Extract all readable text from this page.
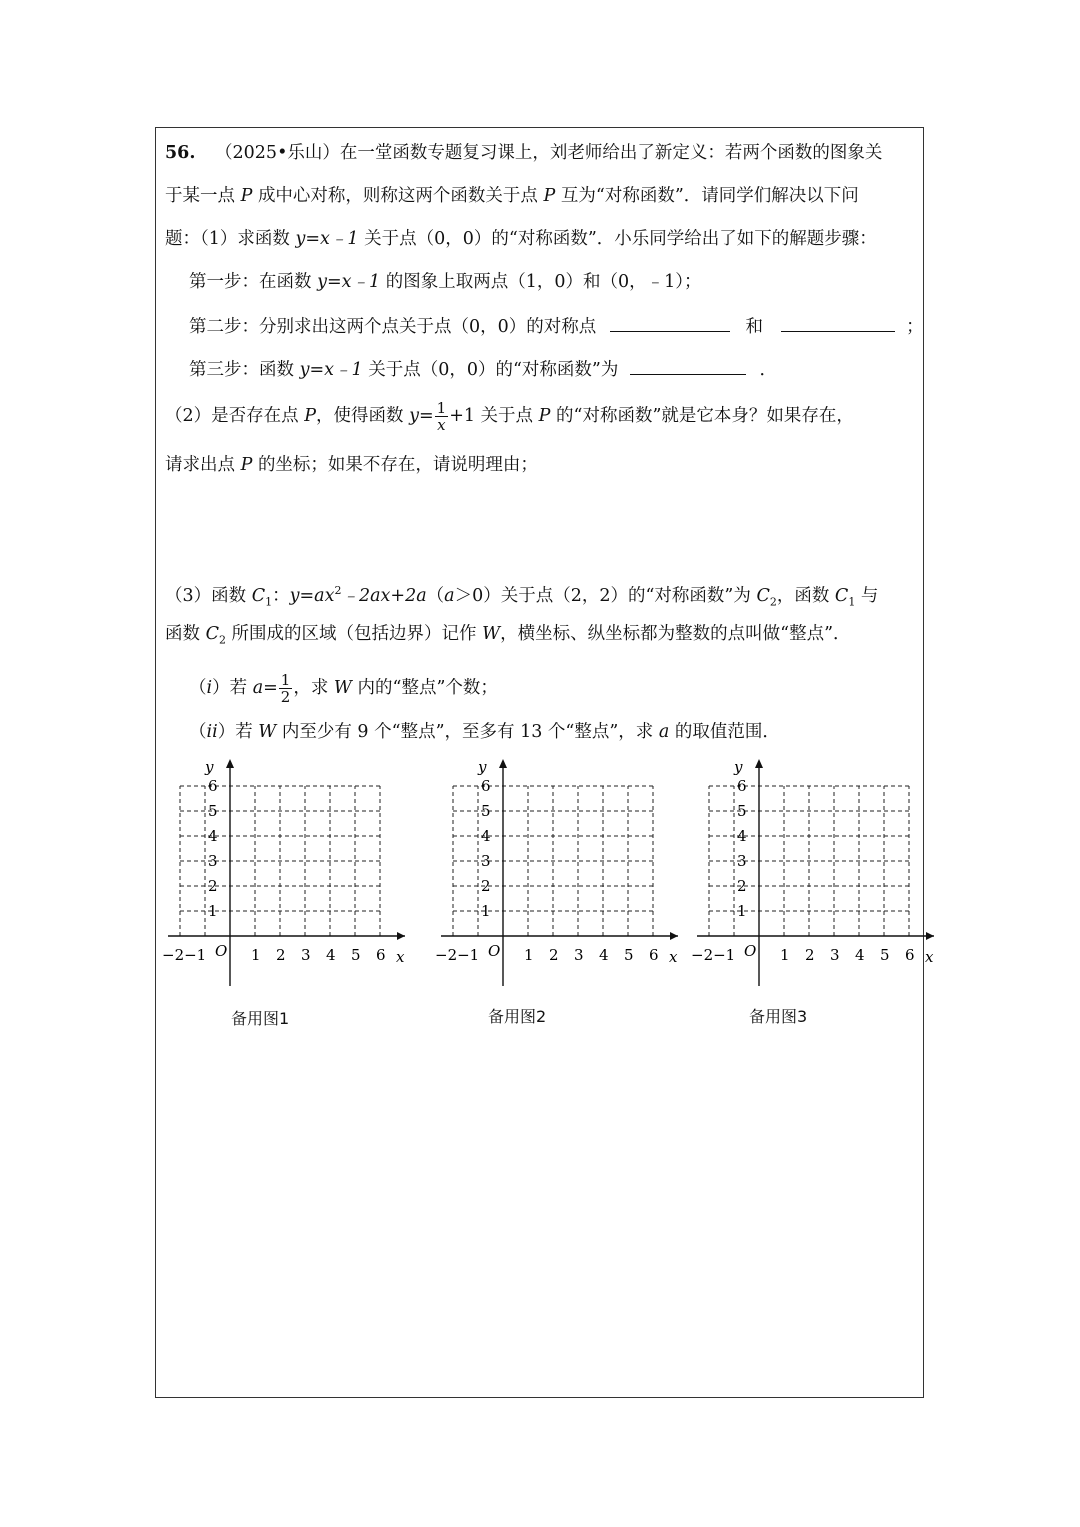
56. （2025•乐山）在一堂函数专题复习课上，刘老师给出了新定义：若两个函数的图象关
于某一点 P 成中心对称，则称这两个函数关于点 P 互为“对称函数”．请同学们解决以下问
题：（1）求函数 y=x﹣1 关于点（0，0）的“对称函数”．小乐同学给出了如下的解题步骤：
第一步：在函数 y=x﹣1 的图象上取两点（1，0）和（0，﹣1）；
第二步：分别求出这两个点关于点（0，0）的对称点	和	；
第三步：函数 y=x﹣1 关于点（0，0）的“对称函数”为	．
（2）是否存在点 P，使得函数 $y= \frac{1}{x} +1$ 关于点 P 的“对称函数”就是它本身？如果存在，
请求出点 P 的坐标；如果不存在，请说明理由；
（3）函数 $C_1$：$y=ax^2﹣2ax+2a(a>0)$关于点（2，2）的“对称函数”为 $C_2$，函数 $C_1$ 与
函数 $C_2$ 所围成的区域（包括边界）记作 W，横坐标、纵坐标都为整数的点叫做“整点”．
（i）若 $a= \frac{1}{2}$ ，求 W 内的“整点”个数；
（ii）若 W 内至少有 9 个“整点”，至多有 13 个“整点”，求 a 的取值范围．
1 2 3 4 5 6
1
2
3
4
5
6
−2−1 O	x
y
1 2 3 4 5 6
1
2
3
4
5
6
−2−1 O	x
y
1 2 3 4 5 6
1
2
3
4
5
6
−2−1 O	x
y
备用图1	备用图2	备用图3
